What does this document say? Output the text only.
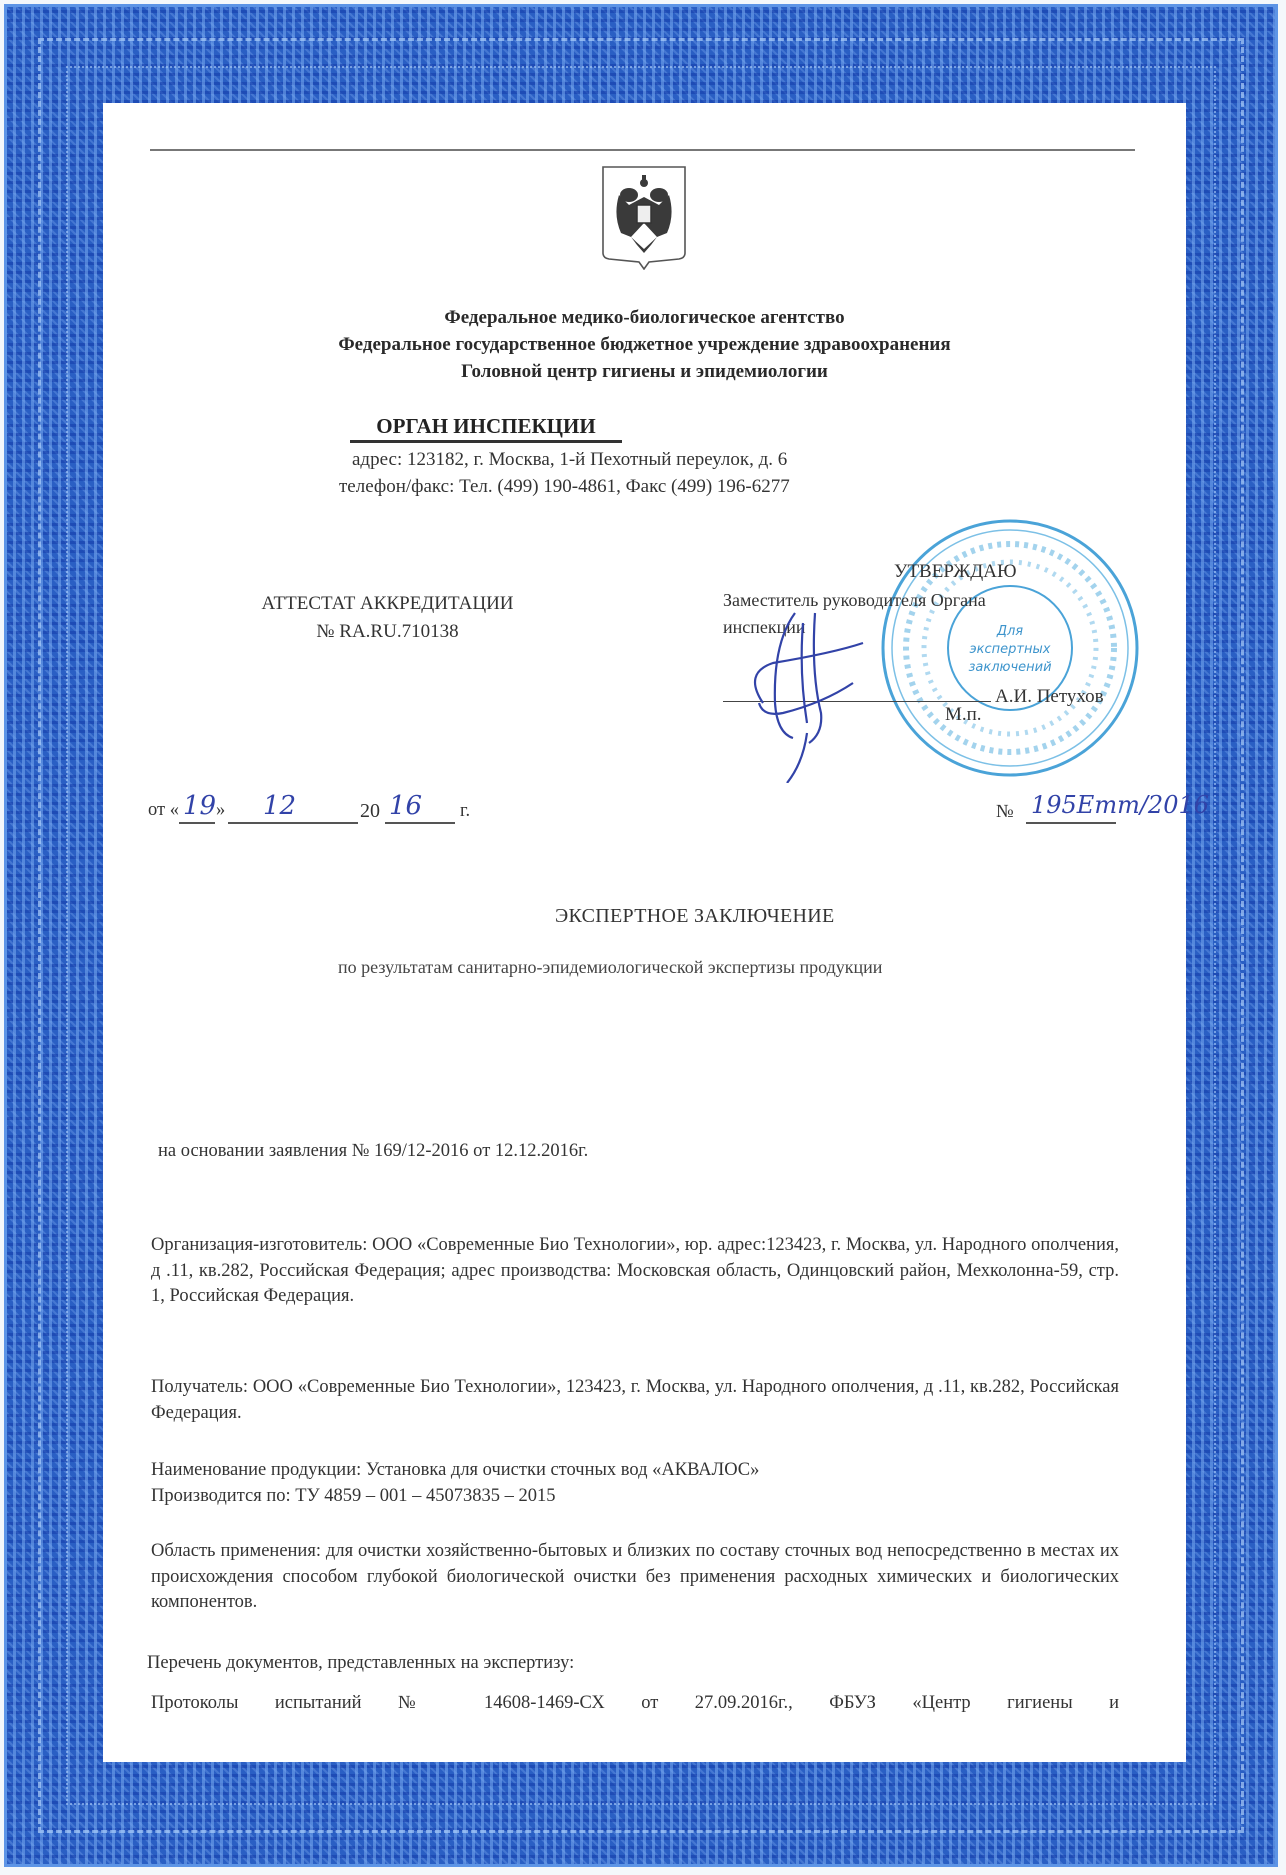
Федеральное медико-биологическое агентство
Федеральное государственное бюджетное учреждение здравоохранения
Головной центр гигиены и эпидемиологии
ОРГАН ИНСПЕКЦИИ
адрес: 123182, г. Москва, 1-й Пехотный переулок, д. 6
телефон/факс: Тел. (499) 190-4861, Факс (499) 196-6277
АТТЕСТАТ АККРЕДИТАЦИИ
№ RA.RU.710138	Для
экспертных
заключений
УТВЕРЖДАЮ
Заместитель руководителя Органа
инспекции
А.И. Петухов
М.п.
от « 19 » 12	20 16 г.	№ 195Етт/2016
ЭКСПЕРТНОЕ ЗАКЛЮЧЕНИЕ
по результатам санитарно-эпидемиологической экспертизы продукции
на основании заявления № 169/12-2016 от 12.12.2016г.
Организация-изготовитель: ООО «Современные Био Технологии», юр. адрес:123423, г. Москва, ул. Народного ополчения, д .11, кв.282, Российская Федерация; адрес производства: Московская область, Одинцовский район, Мехколонна-59, стр. 1, Российская Федерация.
Получатель: ООО «Современные Био Технологии», 123423, г. Москва, ул. Народного ополчения, д .11, кв.282, Российская Федерация.
Наименование продукции: Установка для очистки сточных вод «АКВАЛОС»
Производится по: ТУ 4859 – 001 – 45073835 – 2015
Область применения: для очистки хозяйственно-бытовых и близких по составу сточных вод непосредственно в местах их происхождения способом глубокой биологической очистки без применения расходных химических и биологических компонентов.
Перечень документов, представленных на экспертизу:
Протоколы испытаний № 14608-1469-СХ от 27.09.2016г., ФБУЗ «Центр гигиены и
